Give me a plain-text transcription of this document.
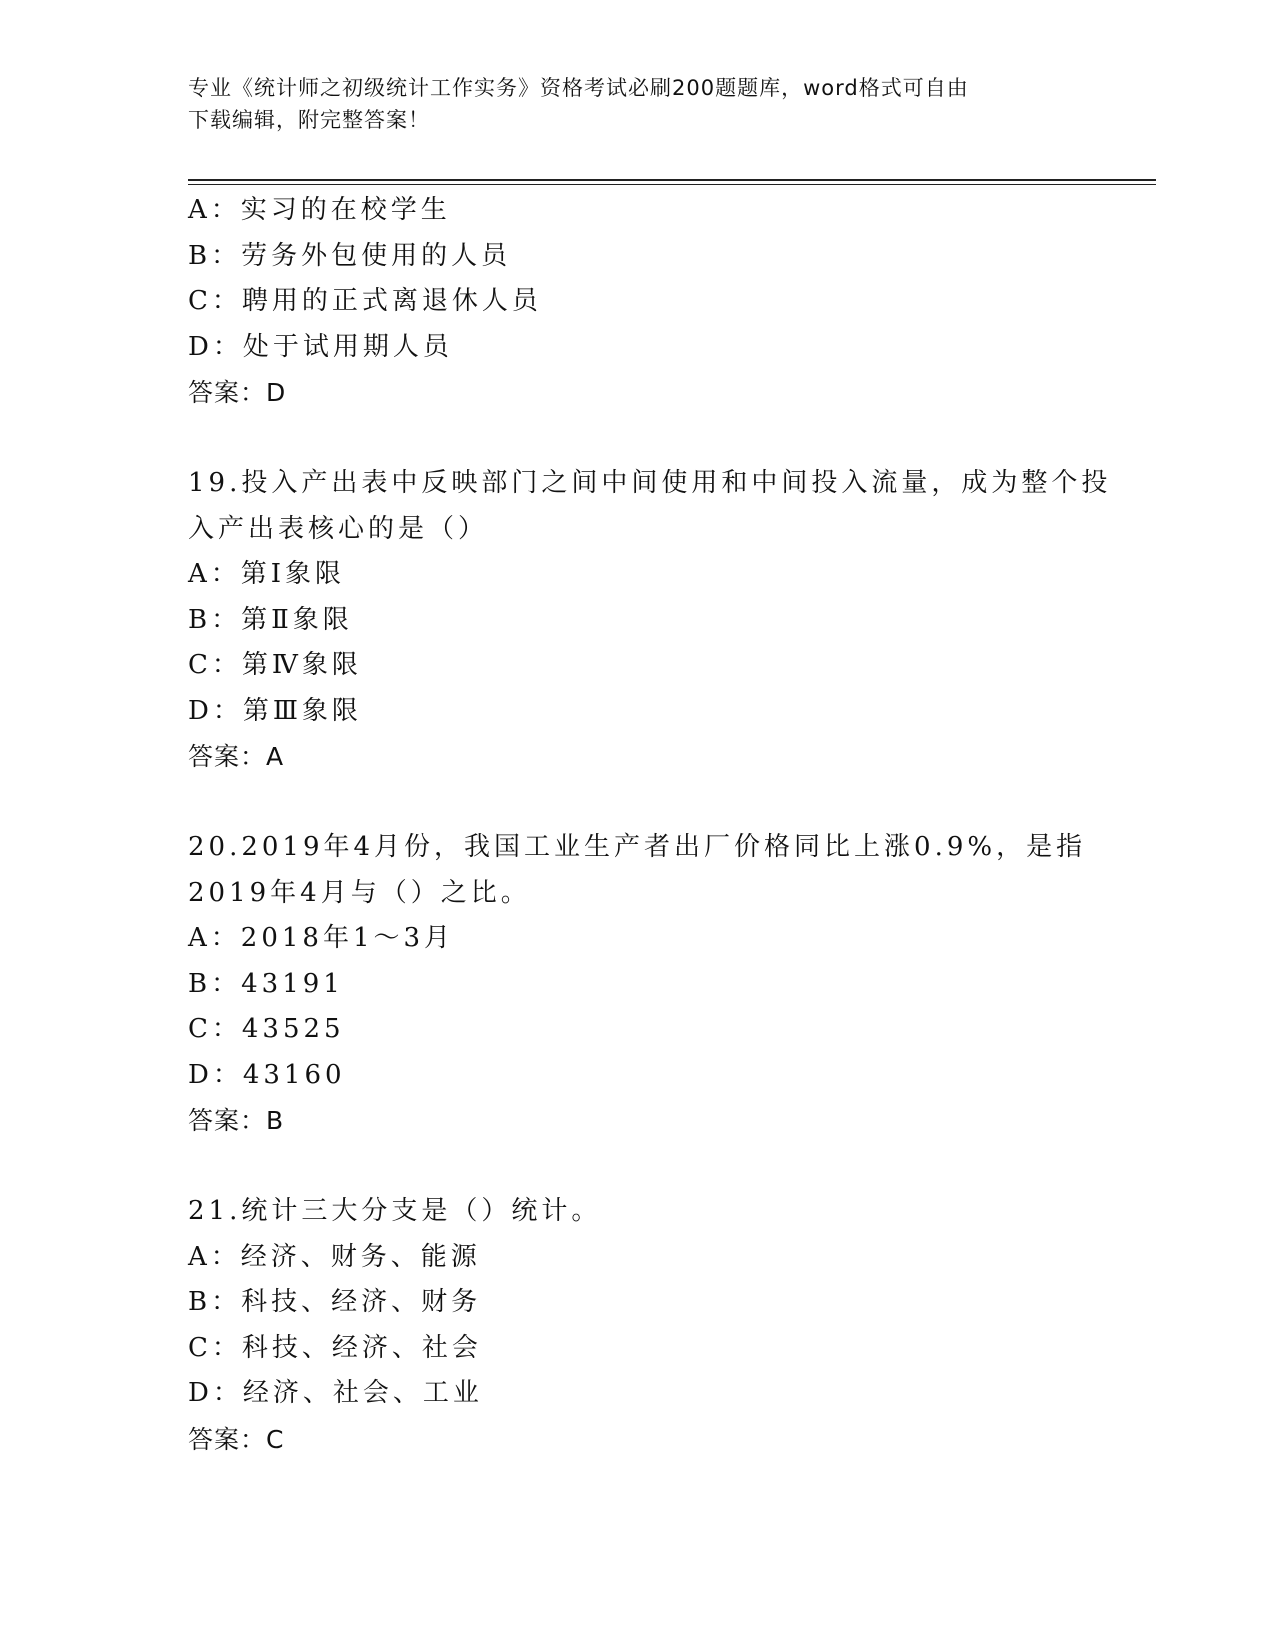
专业《统计师之初级统计工作实务》资格考试必刷200题题库，word格式可自由
下载编辑，附完整答案！
A：实习的在校学生
B：劳务外包使用的人员
C：聘用的正式离退休人员
D：处于试用期人员
答案：D
19.投入产出表中反映部门之间中间使用和中间投入流量，成为整个投
入产出表核心的是（）
A：第Ⅰ象限
B：第Ⅱ象限
C：第Ⅳ象限
D：第Ⅲ象限
答案：A
20.2019年4月份，我国工业生产者出厂价格同比上涨0.9%，是指
2019年4月与（）之比。
A：2018年1～3月
B：43191
C：43525
D：43160
答案：B
21.统计三大分支是（）统计。
A：经济、财务、能源
B：科技、经济、财务
C：科技、经济、社会
D：经济、社会、工业
答案：C
